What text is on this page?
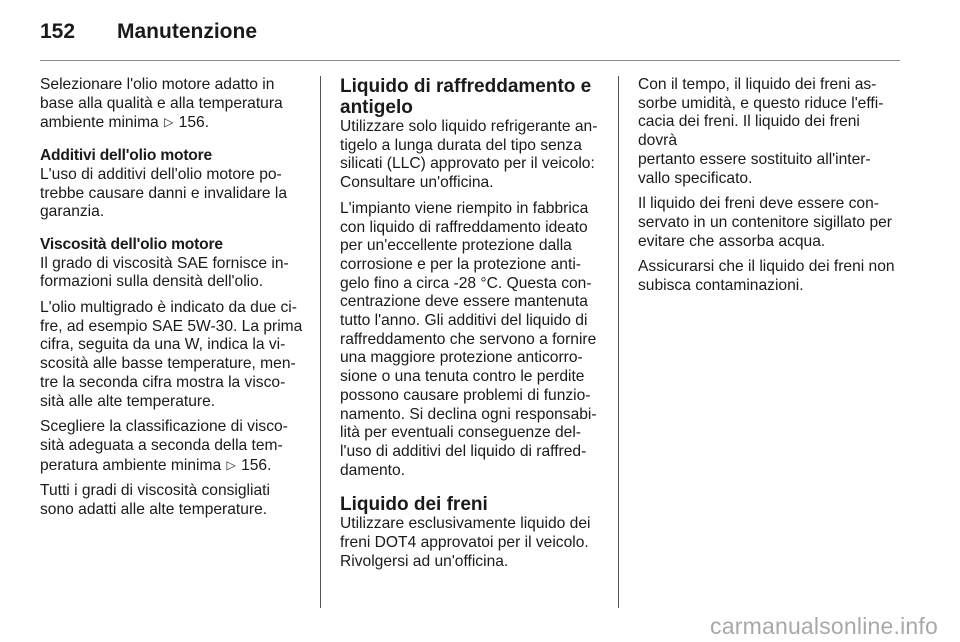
152	Manutenzione

Selezionare l'olio motore adatto in
base alla qualità e alla temperatura
ambiente minima ▷ 156.

Additivi dell'olio motore

L'uso di additivi dell'olio motore po-
trebbe causare danni e invalidare la
garanzia.

Viscosità dell'olio motore

Il grado di viscosità SAE fornisce in-
formazioni sulla densità dell'olio.

L'olio multigrado è indicato da due ci-
fre, ad esempio SAE 5W-30. La prima
cifra, seguita da una W, indica la vi-
scosità alle basse temperature, men-
tre la seconda cifra mostra la visco-
sità alle alte temperature.

Scegliere la classificazione di visco-
sità adeguata a seconda della tem-
peratura ambiente minima ▷ 156.

Tutti i gradi di viscosità consigliati
sono adatti alle alte temperature.

Liquido di raffreddamento e
antigelo

Utilizzare solo liquido refrigerante an-
tigelo a lunga durata del tipo senza
silicati (LLC) approvato per il veicolo:
Consultare un'officina.

L'impianto viene riempito in fabbrica
con liquido di raffreddamento ideato
per un'eccellente protezione dalla
corrosione e per la protezione anti-
gelo fino a circa -28 °C. Questa con-
centrazione deve essere mantenuta
tutto l'anno. Gli additivi del liquido di
raffreddamento che servono a fornire
una maggiore protezione anticorro-
sione o una tenuta contro le perdite
possono causare problemi di funzio-
namento. Si declina ogni responsabi-
lità per eventuali conseguenze del-
l'uso di additivi del liquido di raffred-
damento.

Liquido dei freni

Utilizzare esclusivamente liquido dei
freni DOT4 approvatoi per il veicolo.
Rivolgersi ad un'officina.

Con il tempo, il liquido dei freni as-
sorbe umidità, e questo riduce l'effi-
cacia dei freni. Il liquido dei freni dovrà
pertanto essere sostituito all'inter-
vallo specificato.

Il liquido dei freni deve essere con-
servato in un contenitore sigillato per
evitare che assorba acqua.

Assicurarsi che il liquido dei freni non
subisca contaminazioni.

carmanualsonline.info
